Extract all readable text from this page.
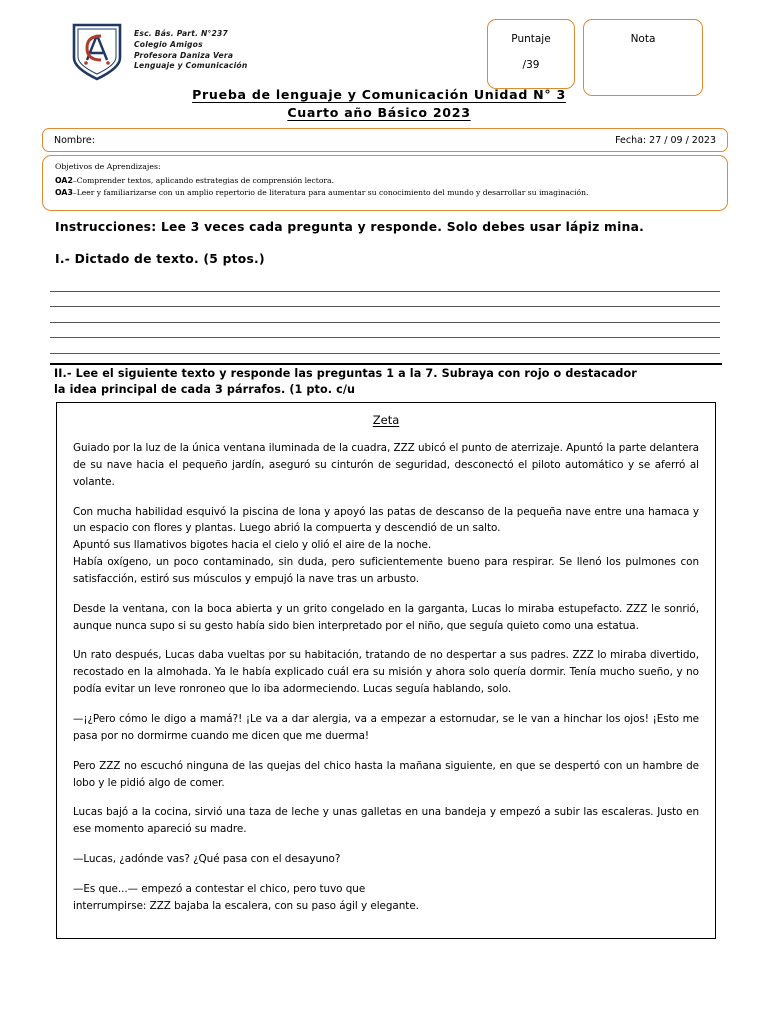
Esc. Bás. Part. N°237
Colegio Amigos
Profesora Daniza Vera
Lenguaje y Comunicación
Puntaje
/39
Nota
Prueba de lenguaje y Comunicación Unidad N° 3
Cuarto año Básico 2023
Nombre:	Fecha: 27 / 09 / 2023
Objetivos de Aprendizajes:
OA2–Comprender textos, aplicando estrategias de comprensión lectora.
OA3–Leer y familiarizarse con un amplio repertorio de literatura para aumentar su conocimiento del mundo y desarrollar su imaginación.
Instrucciones: Lee 3 veces cada pregunta y responde. Solo debes usar lápiz mina.
I.- Dictado de texto. (5 ptos.)
II.- Lee el siguiente texto y responde las preguntas 1 a la 7. Subraya con rojo o destacador
la idea principal de cada 3 párrafos. (1 pto. c/u
Zeta

Guiado por la luz de la única ventana iluminada de la cuadra, ZZZ ubicó el punto de aterrizaje. Apuntó la parte delantera de su nave hacia el pequeño jardín, aseguró su cinturón de seguridad, desconectó el piloto automático y se aferró al volante.

Con mucha habilidad esquivó la piscina de lona y apoyó las patas de descanso de la pequeña nave entre una hamaca y un espacio con flores y plantas. Luego abrió la compuerta y descendió de un salto.
Apuntó sus llamativos bigotes hacia el cielo y olió el aire de la noche.
Había oxígeno, un poco contaminado, sin duda, pero suficientemente bueno para respirar. Se llenó los pulmones con satisfacción, estiró sus músculos y empujó la nave tras un arbusto.

Desde la ventana, con la boca abierta y un grito congelado en la garganta, Lucas lo miraba estupefacto. ZZZ le sonrió, aunque nunca supo si su gesto había sido bien interpretado por el niño, que seguía quieto como una estatua.

Un rato después, Lucas daba vueltas por su habitación, tratando de no despertar a sus padres. ZZZ lo miraba divertido, recostado en la almohada. Ya le había explicado cuál era su misión y ahora solo quería dormir. Tenía mucho sueño, y no podía evitar un leve ronroneo que lo iba adormeciendo. Lucas seguía hablando, solo.

—¡¿Pero cómo le digo a mamá?! ¡Le va a dar alergia, va a empezar a estornudar, se le van a hinchar los ojos! ¡Esto me pasa por no dormirme cuando me dicen que me duerma!

Pero ZZZ no escuchó ninguna de las quejas del chico hasta la mañana siguiente, en que se despertó con un hambre de lobo y le pidió algo de comer.

Lucas bajó a la cocina, sirvió una taza de leche y unas galletas en una bandeja y empezó a subir las escaleras. Justo en ese momento apareció su madre.

—Lucas, ¿adónde vas? ¿Qué pasa con el desayuno?

—Es que...— empezó a contestar el chico, pero tuvo que
interrumpirse: ZZZ bajaba la escalera, con su paso ágil y elegante.
